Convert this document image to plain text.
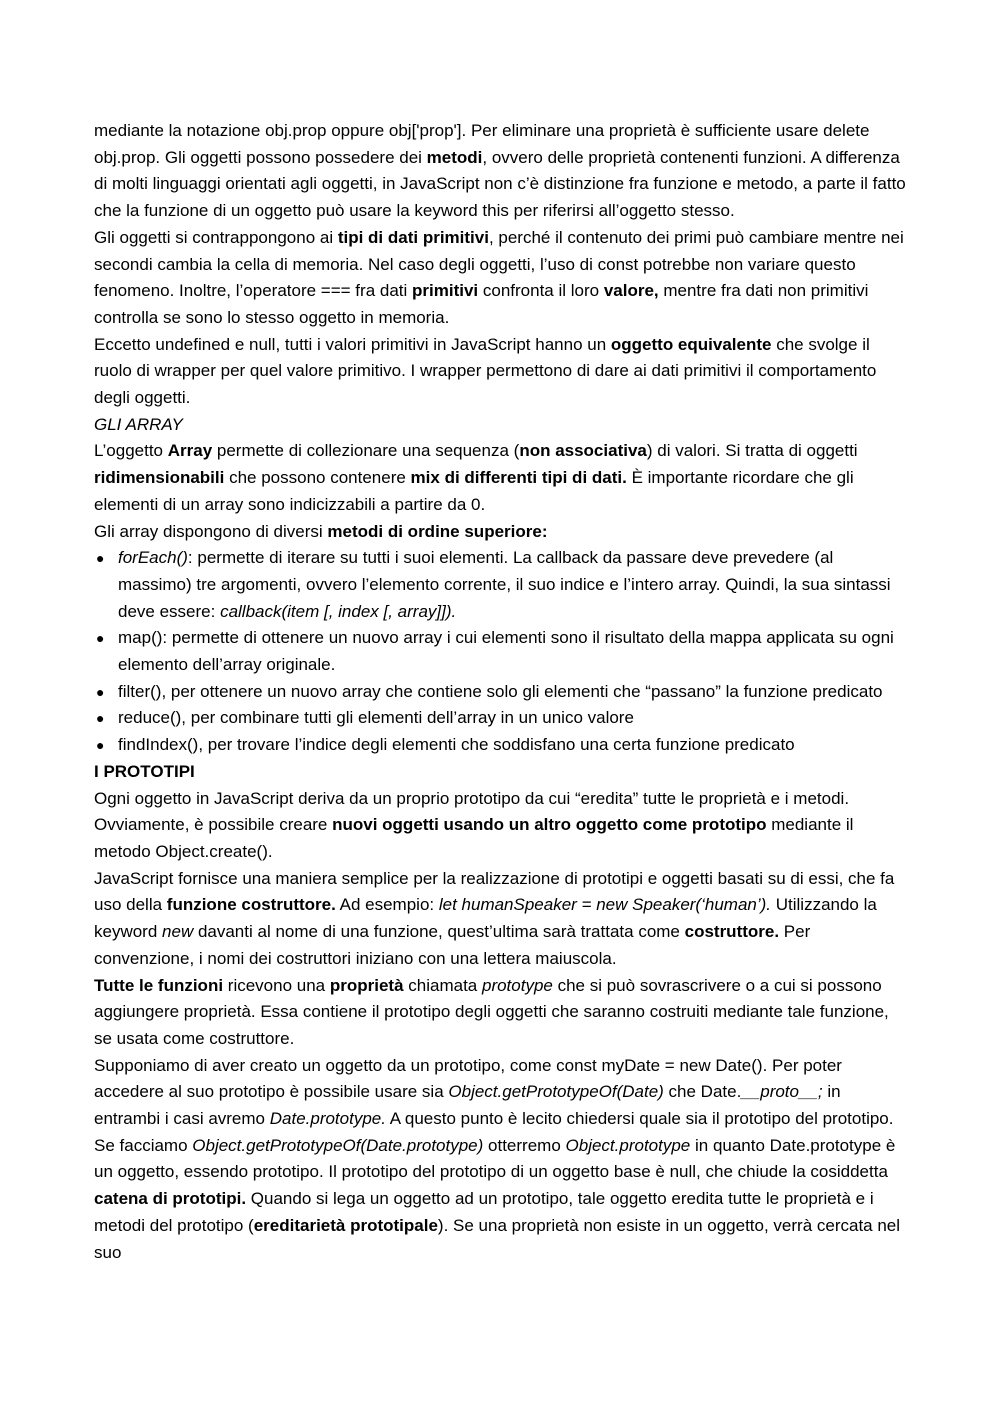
mediante la notazione obj.prop oppure obj['prop']. Per eliminare una proprietà è sufficiente usare delete obj.prop. Gli oggetti possono possedere dei metodi, ovvero delle proprietà contenenti funzioni. A differenza di molti linguaggi orientati agli oggetti, in JavaScript non c’è distinzione fra funzione e metodo, a parte il fatto che la funzione di un oggetto può usare la keyword this per riferirsi all’oggetto stesso.

Gli oggetti si contrappongono ai tipi di dati primitivi, perché il contenuto dei primi può cambiare mentre nei secondi cambia la cella di memoria. Nel caso degli oggetti, l’uso di const potrebbe non variare questo fenomeno. Inoltre, l’operatore === fra dati primitivi confronta il loro valore, mentre fra dati non primitivi controlla se sono lo stesso oggetto in memoria.

Eccetto undefined e null, tutti i valori primitivi in JavaScript hanno un oggetto equivalente che svolge il ruolo di wrapper per quel valore primitivo. I wrapper permettono di dare ai dati primitivi il comportamento degli oggetti.

GLI ARRAY

L’oggetto Array permette di collezionare una sequenza (non associativa) di valori. Si tratta di oggetti ridimensionabili che possono contenere mix di differenti tipi di dati. È importante ricordare che gli elementi di un array sono indicizzabili a partire da 0.

Gli array dispongono di diversi metodi di ordine superiore:

● forEach(): permette di iterare su tutti i suoi elementi. La callback da passare deve prevedere (al massimo) tre argomenti, ovvero l’elemento corrente, il suo indice e l’intero array. Quindi, la sua sintassi deve essere: callback(item [, index [, array]]).
● map(): permette di ottenere un nuovo array i cui elementi sono il risultato della mappa applicata su ogni elemento dell’array originale.
● filter(), per ottenere un nuovo array che contiene solo gli elementi che “passano” la funzione predicato
● reduce(), per combinare tutti gli elementi dell’array in un unico valore
● findIndex(), per trovare l’indice degli elementi che soddisfano una certa funzione predicato

I PROTOTIPI

Ogni oggetto in JavaScript deriva da un proprio prototipo da cui “eredita” tutte le proprietà e i metodi. Ovviamente, è possibile creare nuovi oggetti usando un altro oggetto come prototipo mediante il metodo Object.create().

JavaScript fornisce una maniera semplice per la realizzazione di prototipi e oggetti basati su di essi, che fa uso della funzione costruttore. Ad esempio: let humanSpeaker = new Speaker(‘human’). Utilizzando la keyword new davanti al nome di una funzione, quest’ultima sarà trattata come costruttore. Per convenzione, i nomi dei costruttori iniziano con una lettera maiuscola.

Tutte le funzioni ricevono una proprietà chiamata prototype che si può sovrascrivere o a cui si possono aggiungere proprietà. Essa contiene il prototipo degli oggetti che saranno costruiti mediante tale funzione, se usata come costruttore.

Supponiamo di aver creato un oggetto da un prototipo, come const myDate = new Date(). Per poter accedere al suo prototipo è possibile usare sia Object.getPrototypeOf(Date) che Date.__proto__; in entrambi i casi avremo Date.prototype. A questo punto è lecito chiedersi quale sia il prototipo del prototipo. Se facciamo Object.getPrototypeOf(Date.prototype) otterremo Object.prototype in quanto Date.prototype è un oggetto, essendo prototipo. Il prototipo del prototipo di un oggetto base è null, che chiude la cosiddetta catena di prototipi. Quando si lega un oggetto ad un prototipo, tale oggetto eredita tutte le proprietà e i metodi del prototipo (ereditarietà prototipale). Se una proprietà non esiste in un oggetto, verrà cercata nel suo
